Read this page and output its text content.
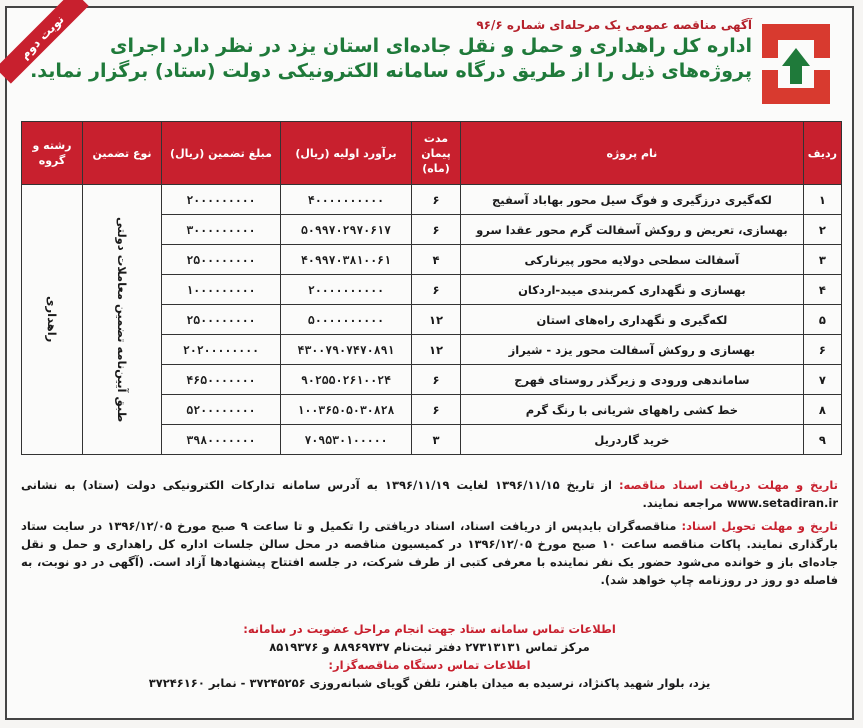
نوبت دوم	آگهی مناقصه عمومی یک مرحله‌ای شماره ۹۶/۶
اداره کل راهداری و حمل و نقل جاده‌ای استان یزد در نظر دارد اجرای پروژه‌های ذیل را از طریق درگاه سامانه الکترونیکی دولت (ستاد) برگزار نماید.
ردیف	نام پروژه	مدت پیمان (ماه)	برآورد اولیه (ریال)	مبلغ تضمین (ریال)	نوع تضمین	رشته و گروه
۱	لکه‌گیری درزگیری و فوگ سیل محور بهاباد آسفیج	۶	۴۰۰۰۰۰۰۰۰۰۰	۲۰۰۰۰۰۰۰۰۰	طبق آیین‌نامه تضمین معاملات دولتی	راهداری
۲	بهسازی، تعریض و روکش آسفالت گرم محور عقدا سرو	۶	۵۰۹۹۷۰۲۹۷۰۶۱۷	۳۰۰۰۰۰۰۰۰۰		
۳	آسفالت سطحی دولایه محور پیرنارکی	۴	۴۰۹۹۷۰۳۸۱۰۰۶۱	۲۵۰۰۰۰۰۰۰۰		
۴	بهسازی و نگهداری کمربندی میبد-اردکان	۶	۲۰۰۰۰۰۰۰۰۰۰	۱۰۰۰۰۰۰۰۰۰		
۵	لکه‌گیری و نگهداری راه‌های استان	۱۲	۵۰۰۰۰۰۰۰۰۰۰	۲۵۰۰۰۰۰۰۰۰		
۶	بهسازی و روکش آسفالت محور یزد - شیراز	۱۲	۴۳۰۰۷۹۰۷۴۷۰۸۹۱	۲۰۲۰۰۰۰۰۰۰۰		
۷	ساماندهی ورودی و زیرگذر روستای فهرج	۶	۹۰۲۵۵۰۲۶۱۰۰۲۴	۴۶۵۰۰۰۰۰۰۰		
۸	خط کشی راههای شریانی با رنگ گرم	۶	۱۰۰۳۶۵۰۵۰۳۰۸۲۸	۵۲۰۰۰۰۰۰۰۰		
۹	خرید گاردریل	۳	۷۰۹۵۳۰۱۰۰۰۰۰	۳۹۸۰۰۰۰۰۰۰		
تاریخ و مهلت دریافت اسناد مناقصه: از تاریخ ۱۳۹۶/۱۱/۱۵ لغایت ۱۳۹۶/۱۱/۱۹ به آدرس سامانه تدارکات الکترونیکی دولت (ستاد) به نشانی www.setadiran.ir مراجعه نمایند.
تاریخ و مهلت تحویل اسناد: مناقصه‌گران بایدپس از دریافت اسناد، اسناد دریافتی را تکمیل و تا ساعت ۹ صبح مورخ ۱۳۹۶/۱۲/۰۵ در سایت ستاد بارگذاری نمایند. پاکات مناقصه ساعت ۱۰ صبح مورخ ۱۳۹۶/۱۲/۰۵ در کمیسیون مناقصه در محل سالن جلسات اداره کل راهداری و حمل و نقل جاده‌ای باز و خوانده می‌شود حضور یک نفر نماینده با معرفی کتبی از طرف شرکت، در جلسه افتتاح پیشنهادها آزاد است. (آگهی در دو نوبت، به فاصله دو روز در روزنامه چاپ خواهد شد).
اطلاعات تماس سامانه ستاد جهت انجام مراحل عضویت در سامانه:
مرکز تماس ۲۷۳۱۳۱۳۱ دفتر ثبت‌نام ۸۸۹۶۹۷۳۷ و ۸۵۱۹۳۷۶
اطلاعات تماس دستگاه مناقصه‌گزار:
یزد، بلوار شهید پاکنژاد، نرسیده به میدان باهنر، تلفن گویای شبانه‌روزی ۳۷۲۴۵۲۵۶ - نمابر ۳۷۲۴۶۱۶۰
